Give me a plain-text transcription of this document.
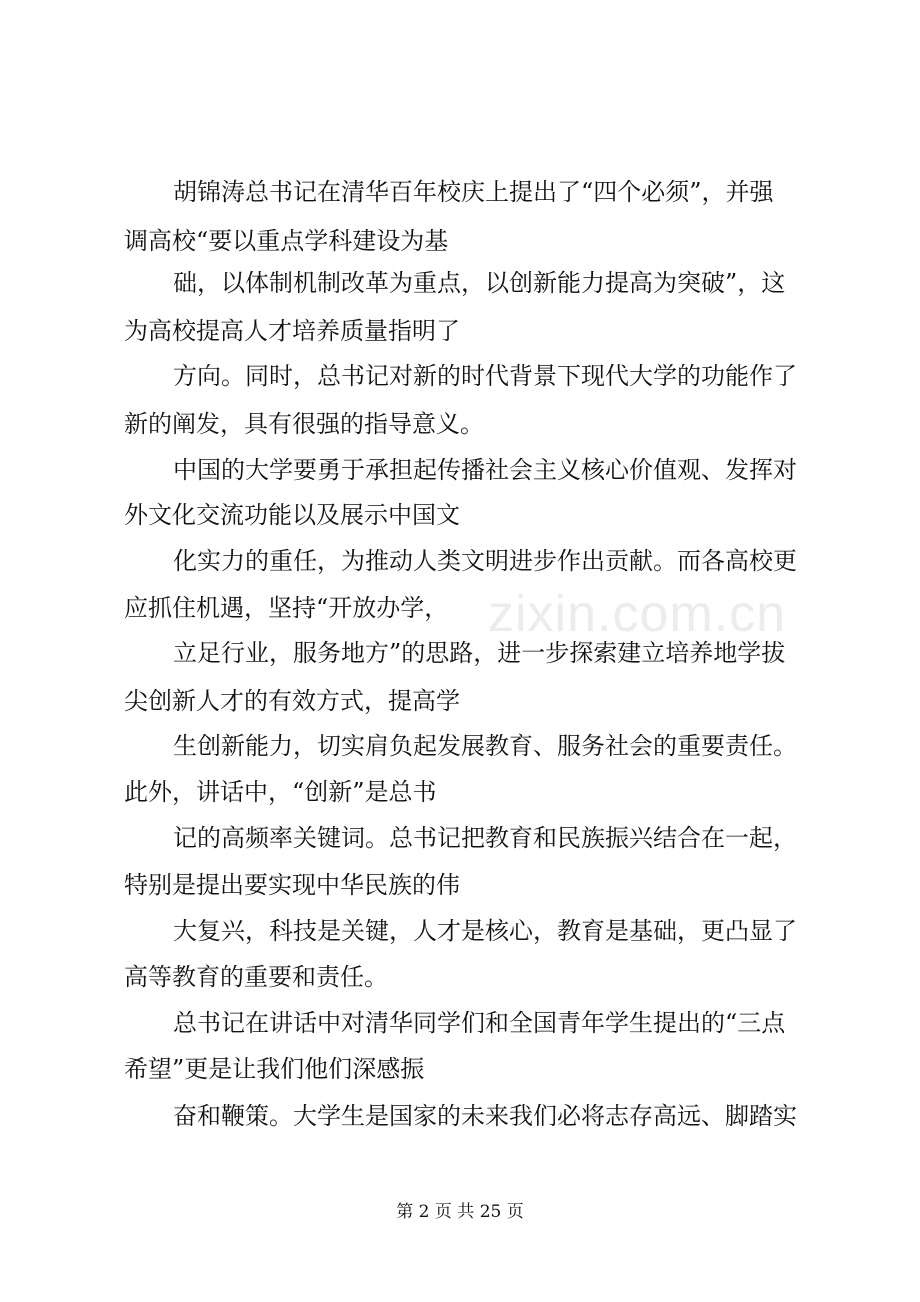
zixin.com.cn
胡锦涛总书记在清华百年校庆上提出了“四个必须”，并强
调高校“要以重点学科建设为基
础，以体制机制改革为重点，以创新能力提高为突破”，这
为高校提高人才培养质量指明了
方向。同时，总书记对新的时代背景下现代大学的功能作了
新的阐发，具有很强的指导意义。
中国的大学要勇于承担起传播社会主义核心价值观、发挥对
外文化交流功能以及展示中国文
化实力的重任，为推动人类文明进步作出贡献。而各高校更
应抓住机遇，坚持“开放办学，
立足行业，服务地方”的思路，进一步探索建立培养地学拔
尖创新人才的有效方式，提高学
生创新能力，切实肩负起发展教育、服务社会的重要责任。
此外，讲话中，“创新”是总书
记的高频率关键词。总书记把教育和民族振兴结合在一起，
特别是提出要实现中华民族的伟
大复兴，科技是关键，人才是核心，教育是基础，更凸显了
高等教育的重要和责任。
总书记在讲话中对清华同学们和全国青年学生提出的“三点
希望”更是让我们他们深感振
奋和鞭策。大学生是国家的未来我们必将志存高远、脚踏实
第 2 页 共 25 页
